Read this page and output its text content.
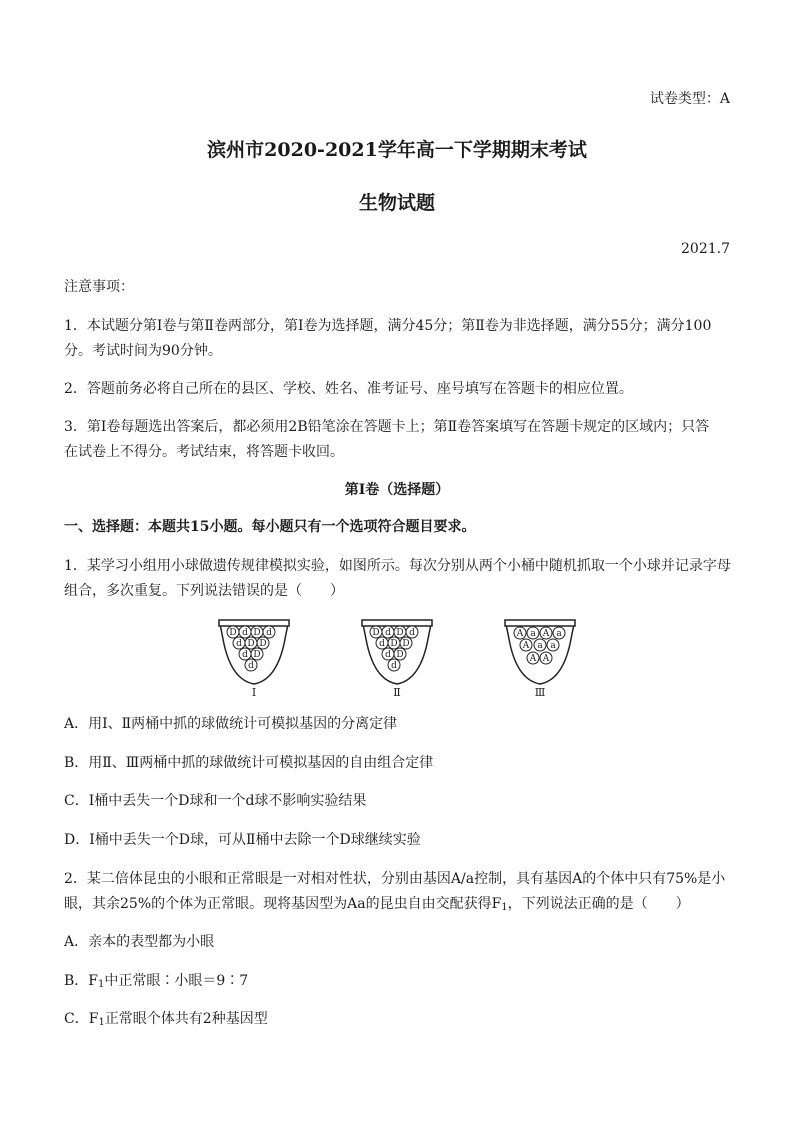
试卷类型：A
滨州市2020-2021学年高一下学期期末考试
生物试题
2021.7
注意事项：
1．本试题分第Ⅰ卷与第Ⅱ卷两部分，第Ⅰ卷为选择题，满分45分；第Ⅱ卷为非选择题，满分55分；满分100
分。考试时间为90分钟。
2．答题前务必将自己所在的县区、学校、姓名、准考证号、座号填写在答题卡的相应位置。
3．第Ⅰ卷每题选出答案后，都必须用2B铅笔涂在答题卡上；第Ⅱ卷答案填写在答题卡规定的区域内；只答
在试卷上不得分。考试结束，将答题卡收回。
第Ⅰ卷（选择题）
一、选择题：本题共15小题。每小题只有一个选项符合题目要求。
1．某学习小组用小球做遗传规律模拟实验，如图所示。每次分别从两个小桶中随机抓取一个小球并记录字母
组合，多次重复。下列说法错误的是（　　）
D d D d
d D D
d D
d
Ⅰ
D d D d
d D D
d D
d
Ⅱ
A a A a
A a a
A A
Ⅲ
A．用Ⅰ、Ⅱ两桶中抓的球做统计可模拟基因的分离定律
B．用Ⅱ、Ⅲ两桶中抓的球做统计可模拟基因的自由组合定律
C．Ⅰ桶中丢失一个D球和一个d球不影响实验结果
D．Ⅰ桶中丢失一个D球，可从Ⅱ桶中去除一个D球继续实验
2．某二倍体昆虫的小眼和正常眼是一对相对性状，分别由基因A/a控制，具有基因A的个体中只有75%是小
眼，其余25%的个体为正常眼。现将基因型为Aa的昆虫自由交配获得$F_1$，下列说法正确的是（　　）
A．亲本的表型都为小眼
B．$F_1$中正常眼∶小眼＝9∶7
C．$F_1$正常眼个体共有2种基因型
